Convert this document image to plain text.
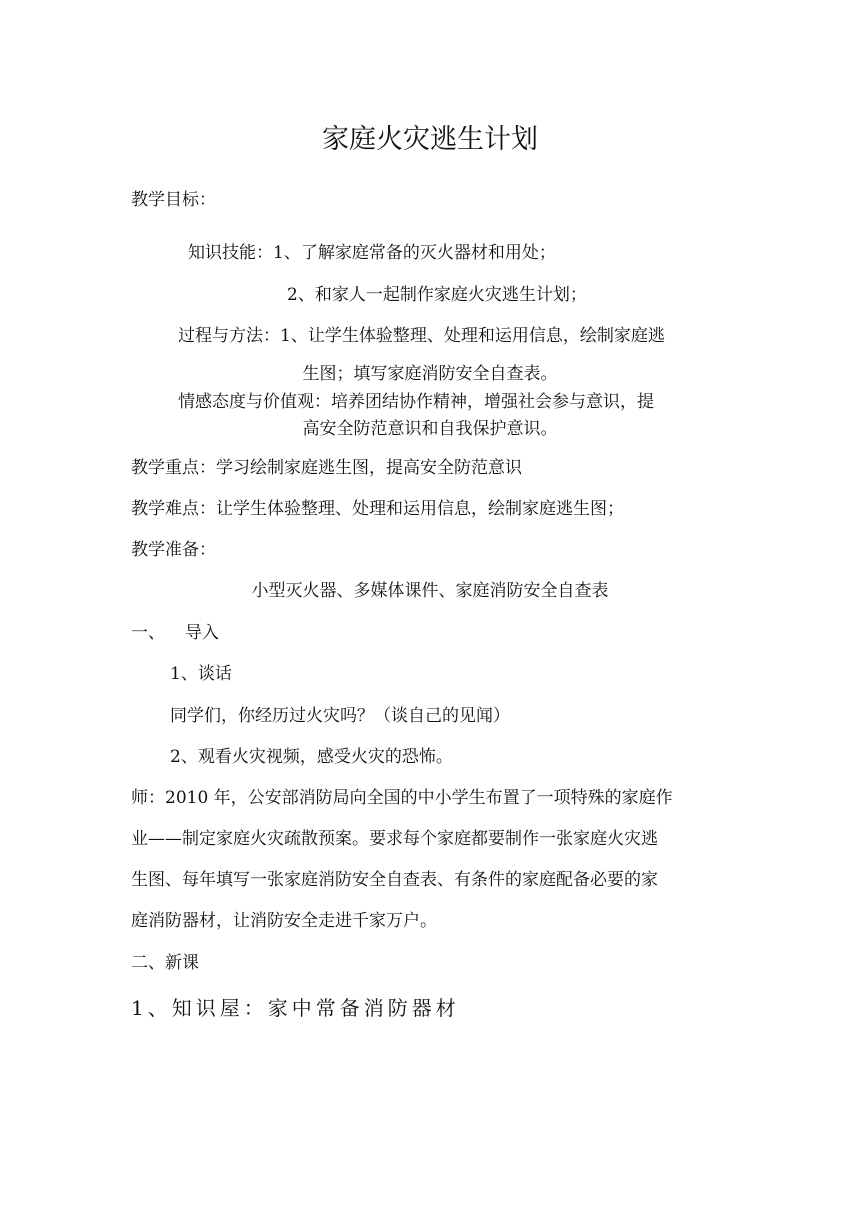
家庭火灾逃生计划
教学目标：
知识技能：1、了解家庭常备的灭火器材和用处；
2、和家人一起制作家庭火灾逃生计划；
过程与方法：1、让学生体验整理、处理和运用信息，绘制家庭逃
生图；填写家庭消防安全自查表。
情感态度与价值观：培养团结协作精神，增强社会参与意识，提
高安全防范意识和自我保护意识。
教学重点：学习绘制家庭逃生图，提高安全防范意识
教学难点：让学生体验整理、处理和运用信息，绘制家庭逃生图；
教学准备：
小型灭火器、多媒体课件、家庭消防安全自查表
一、 导入
1、谈话
同学们，你经历过火灾吗？（谈自己的见闻）
2、观看火灾视频，感受火灾的恐怖。
师：2010 年，公安部消防局向全国的中小学生布置了一项特殊的家庭作
业——制定家庭火灾疏散预案。要求每个家庭都要制作一张家庭火灾逃
生图、每年填写一张家庭消防安全自查表、有条件的家庭配备必要的家
庭消防器材，让消防安全走进千家万户。
二、新课
1、知识屋：家中常备消防器材
